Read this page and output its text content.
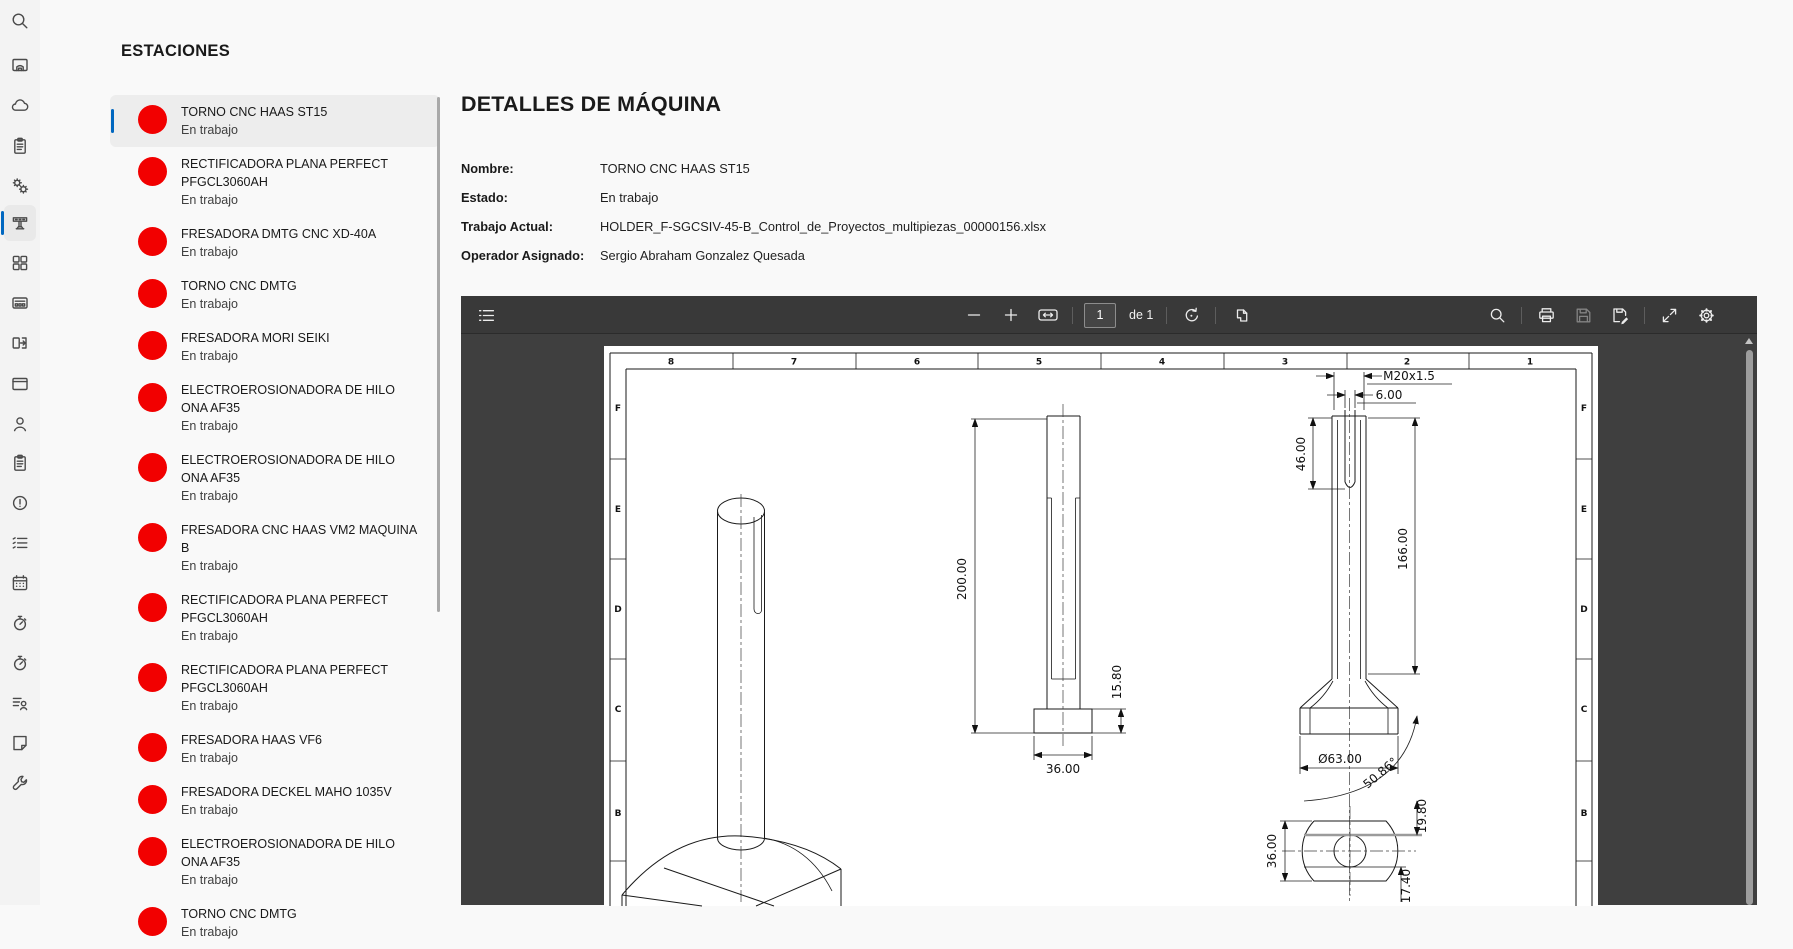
ESTACIONES
TORNO CNC HAAS ST15
En trabajo
RECTIFICADORA PLANA PERFECT PFGCL3060AH
En trabajo
FRESADORA DMTG CNC XD-40A
En trabajo
TORNO CNC DMTG
En trabajo
FRESADORA MORI SEIKI
En trabajo
ELECTROEROSIONADORA DE HILO ONA AF35
En trabajo
ELECTROEROSIONADORA DE HILO ONA AF35
En trabajo
FRESADORA CNC HAAS VM2 MAQUINA B
En trabajo
RECTIFICADORA PLANA PERFECT PFGCL3060AH
En trabajo
RECTIFICADORA PLANA PERFECT PFGCL3060AH
En trabajo
FRESADORA HAAS VF6
En trabajo
FRESADORA DECKEL MAHO 1035V
En trabajo
ELECTROEROSIONADORA DE HILO ONA AF35
En trabajo
TORNO CNC DMTG
En trabajo
DETALLES DE MÁQUINA
Nombre:	TORNO CNC HAAS ST15
Estado:	En trabajo
Trabajo Actual:	HOLDER_F-SGCSIV-45-B_Control_de_Proyectos_multipiezas_00000156.xlsx
Operador Asignado:	Sergio Abraham Gonzalez Quesada
1
de 1
8	7	6	5	4	3	2	1
F
E
D
C
B
F
E
D
C
B
200.00
15.80
36.00
M20x1.5
6.00
46.00
166.00
Ø63.00
50.86°
36.00
19.80
17.40
